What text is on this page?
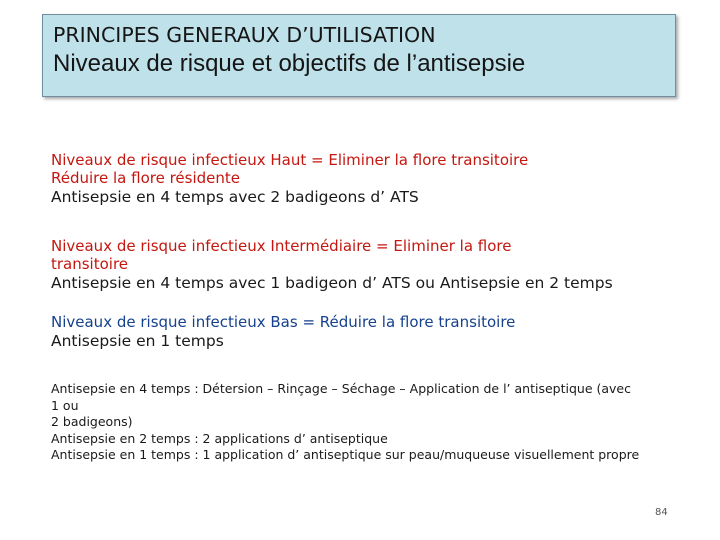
PRINCIPES GENERAUX D’UTILISATION
Niveaux de risque et objectifs de l’antisepsie
Niveaux de risque infectieux Haut = Eliminer la flore transitoire
Réduire la flore résidente
Antisepsie en 4 temps avec 2 badigeons d’ ATS
Niveaux de risque infectieux Intermédiaire = Eliminer la flore
transitoire
Antisepsie en 4 temps avec 1 badigeon d’ ATS ou Antisepsie en 2 temps
Niveaux de risque infectieux Bas = Réduire la flore transitoire
Antisepsie en 1 temps
Antisepsie en 4 temps : Détersion – Rinçage – Séchage – Application de l’ antiseptique (avec
1 ou
2 badigeons)
Antisepsie en 2 temps : 2 applications d’ antiseptique
Antisepsie en 1 temps : 1 application d’ antiseptique sur peau/muqueuse visuellement propre
84
